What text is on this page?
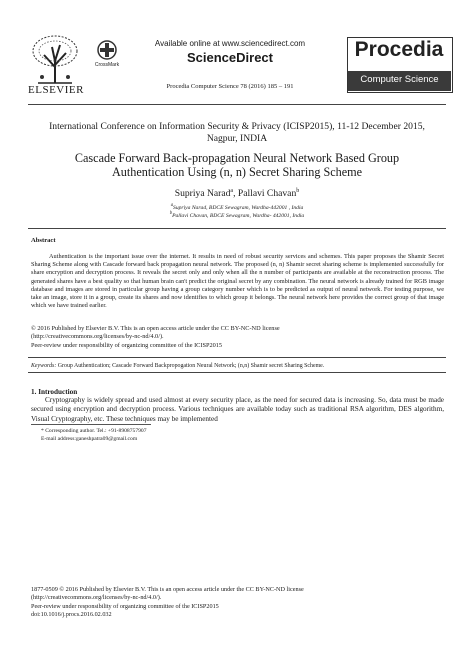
ELSEVIER
CrossMark
Available online at www.sciencedirect.com
ScienceDirect
Procedia Computer Science 78 (2016) 185 – 191
Procedia
Computer Science
International Conference on Information Security & Privacy (ICISP2015), 11-12 December 2015,
Nagpur, INDIA
Cascade Forward Back-propagation Neural Network Based Group
Authentication Using (n, n) Secret Sharing Scheme
Supriya Narad$^a$, Pallavi Chavan$^b$
$^a$Supriya Narad, BDCE Sewagram, Wardha-442001 , India
$^b$Pallavi Chavan, BDCE Sewagram, Wardha- 442001, India
Abstract
Authentication is the important issue over the internet. It results in need of robust security services and schemes. This paper proposes the Shamir Secret Sharing Scheme along with Cascade forward back propagation neural network. The proposed (n, n) Shamir secret sharing scheme is implemented successfully for share encryption and decryption process. It reveals the secret only and only when all the n number of participants are available at the reconstruction process. The generated shares have a best quality so that human brain can't predict the original secret by any combination. The neural network is already trained for RGB image database and images are stored in particular group having a group category number which is to be predicted as output of neural network. For testing purpose, we take an image, store it in a group, create its shares and now identifies to which group it belongs. The neural network here provides the correct group of that image which we have trained earlier.
© 2016 Published by Elsevier B.V. This is an open access article under the CC BY-NC-ND license
(http://creativecommons.org/licenses/by-nc-nd/4.0/).
Peer-review under responsibility of organizing committee of the ICISP2015
Keywords: Group Authentication; Cascade Forward Backpropogation Neural Network; (n,n) Shamir secret Sharing Scheme.
1. Introduction
Cryptography is widely spread and used almost at every security place, as the need for secured data is increasing. So, data must be made secured using encryption and decryption process. Various techniques are available today such as traditional RSA algorithm, DES algorithm, Visual Cryptography, etc. These techniques may be implemented
* Corresponding author. Tel.: +91-8908757907
E-mail address:ganeshpatra09@gmail.com
1877-0509 © 2016 Published by Elsevier B.V. This is an open access article under the CC BY-NC-ND license
(http://creativecommons.org/licenses/by-nc-nd/4.0/).
Peer-review under responsibility of organizing committee of the ICISP2015
doi:10.1016/j.procs.2016.02.032
